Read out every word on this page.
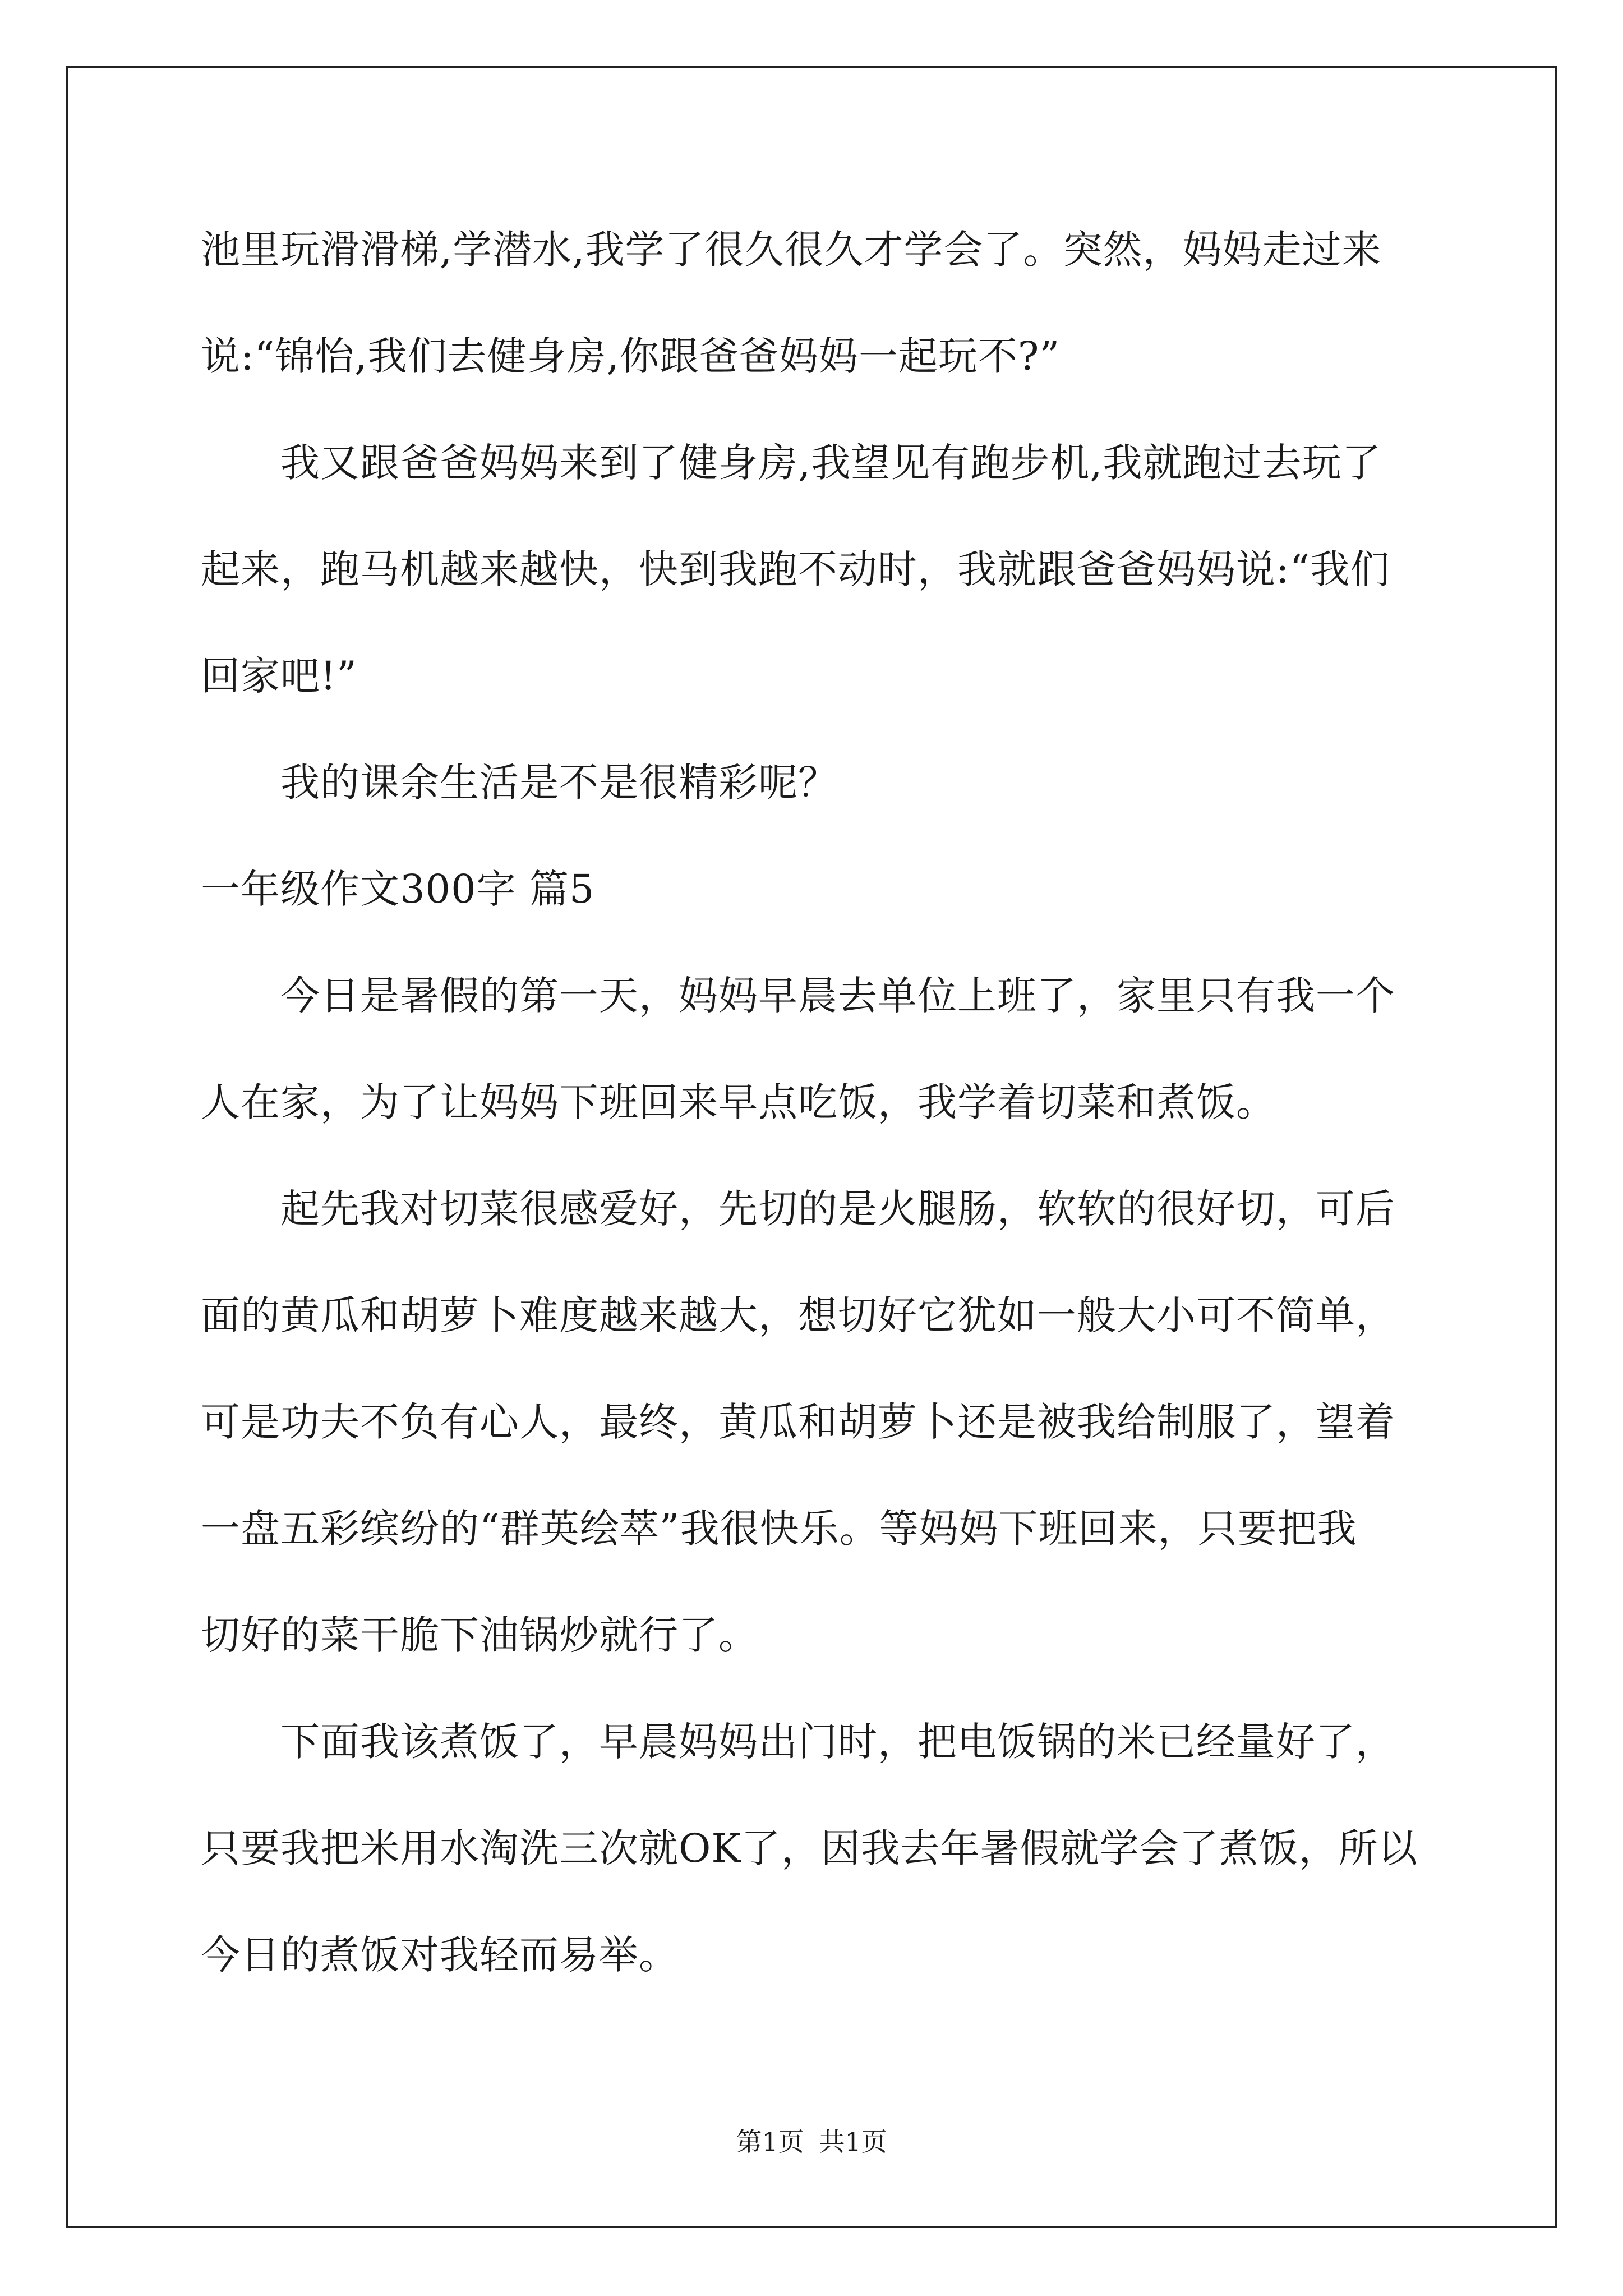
池里玩滑滑梯,学潜水,我学了很久很久才学会了。突然，妈妈走过来

说:“锦怡,我们去健身房,你跟爸爸妈妈一起玩不?”

我又跟爸爸妈妈来到了健身房,我望见有跑步机,我就跑过去玩了

起来，跑马机越来越快，快到我跑不动时，我就跟爸爸妈妈说:“我们

回家吧!”

我的课余生活是不是很精彩呢？

一年级作文300字 篇5

今日是暑假的第一天，妈妈早晨去单位上班了，家里只有我一个

人在家，为了让妈妈下班回来早点吃饭，我学着切菜和煮饭。

起先我对切菜很感爱好，先切的是火腿肠，软软的很好切，可后

面的黄瓜和胡萝卜难度越来越大，想切好它犹如一般大小可不简单，

可是功夫不负有心人，最终，黄瓜和胡萝卜还是被我给制服了，望着

一盘五彩缤纷的“群英绘萃”我很快乐。等妈妈下班回来，只要把我

切好的菜干脆下油锅炒就行了。

下面我该煮饭了，早晨妈妈出门时，把电饭锅的米已经量好了，

只要我把米用水淘洗三次就OK了，因我去年暑假就学会了煮饭，所以

今日的煮饭对我轻而易举。

第1页 共1页
